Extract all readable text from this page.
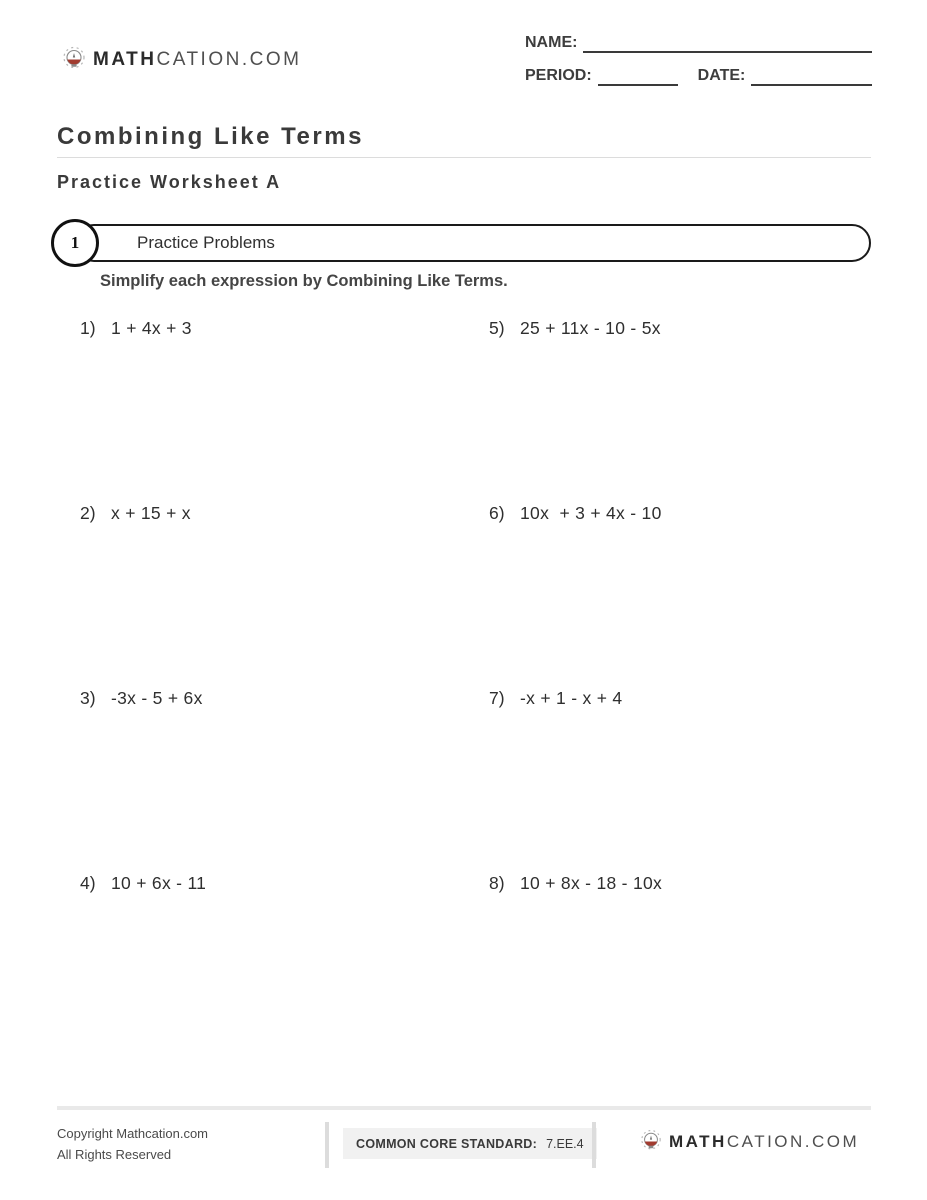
MATHCATION.COM
NAME:
PERIOD:	DATE:
Combining Like Terms
Practice Worksheet A
Practice Problems
1
Simplify each expression by Combining Like Terms.
1) 1 + 4x + 3
2) x + 15 + x
3) -3x - 5 + 6x
4) 10 + 6x - 11
5) 25 + 11x - 10 - 5x
6) 10x  + 3 + 4x - 10
7) -x + 1 - x + 4
8) 10 + 8x - 18 - 10x
Copyright Mathcation.com
All Rights Reserved
COMMON CORE STANDARD: 7.EE.4	MATHCATION.COM
